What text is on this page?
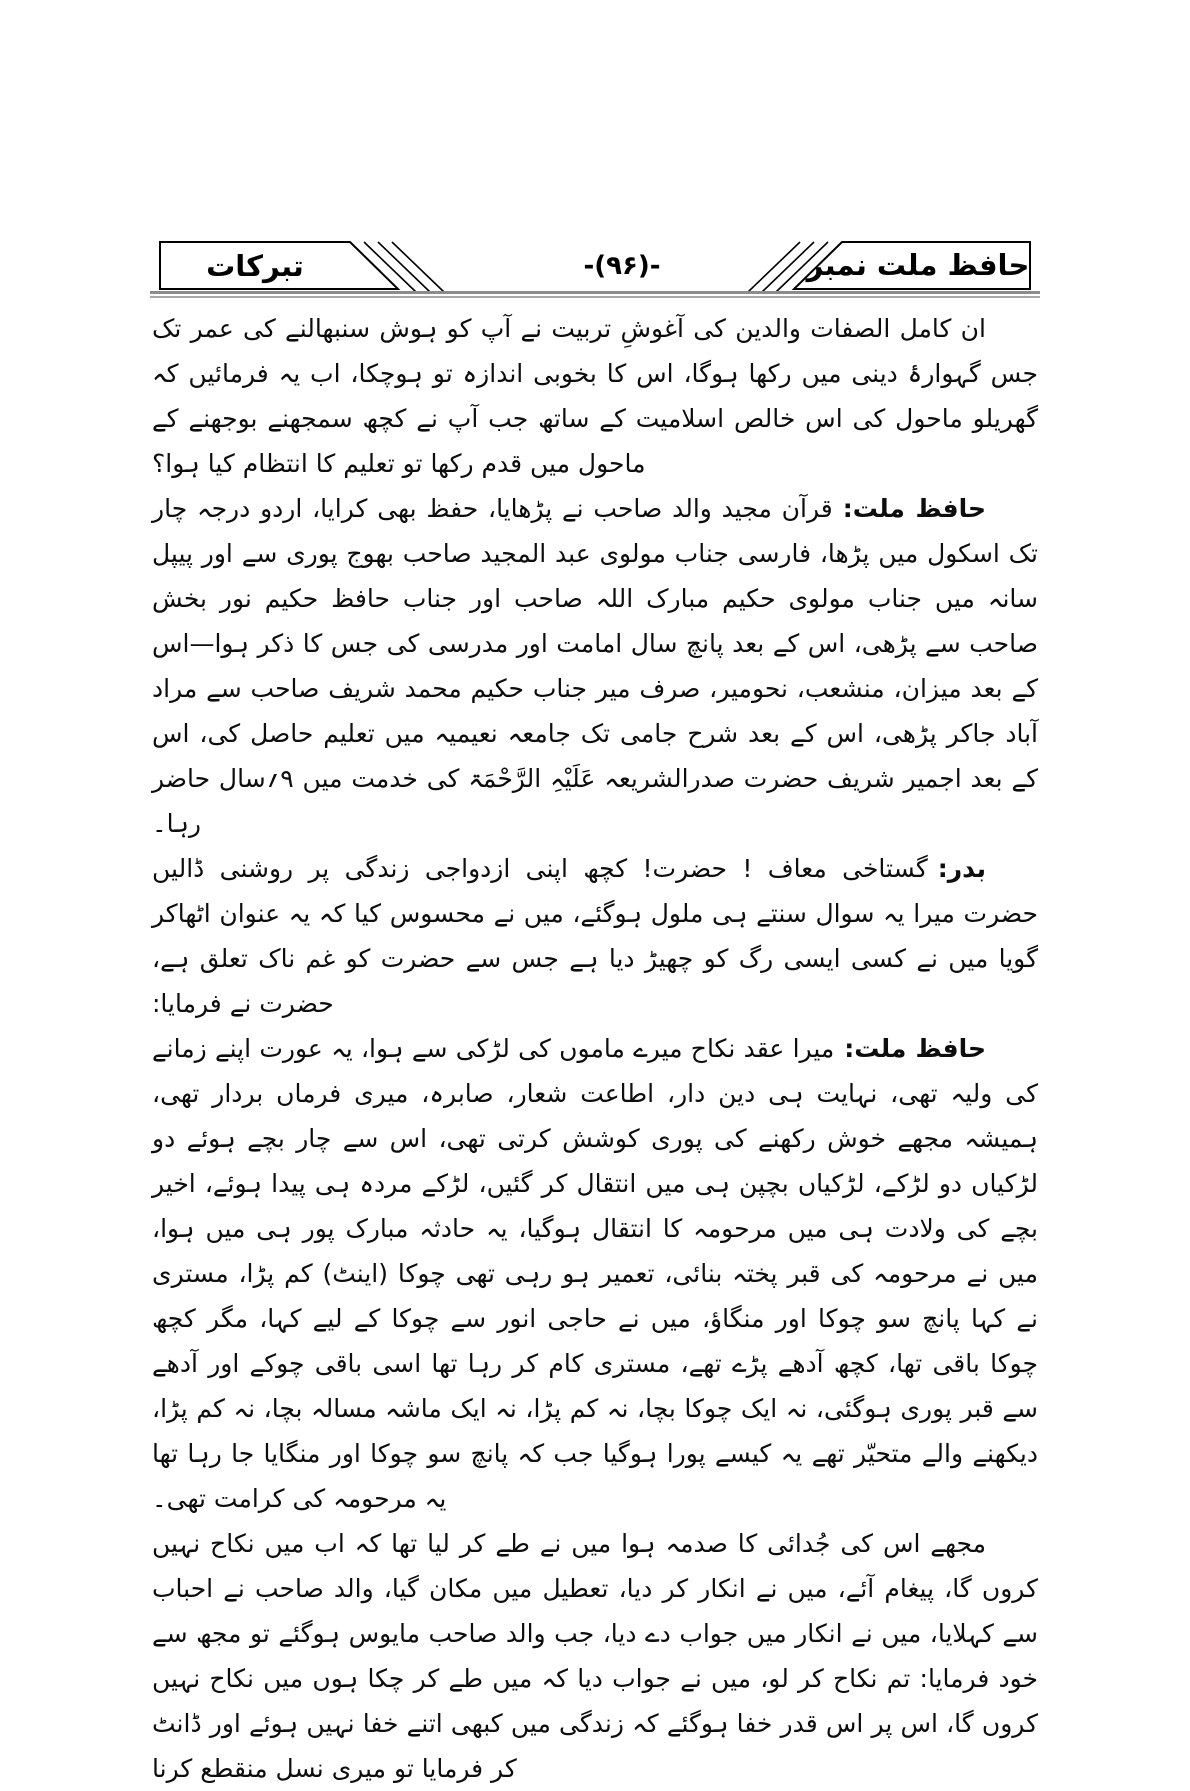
تبرکات	-(۹۶)-	حافظ ملت نمبر

ان کامل الصفات والدین کی آغوشِ تربیت نے آپ کو ہوش سنبھالنے کی عمر تک جس گہوارۂ دینی میں رکھا ہوگا، اس کا بخوبی اندازہ تو ہوچکا، اب یہ فرمائیں کہ گھریلو ماحول کی اس خالص اسلامیت کے ساتھ جب آپ نے کچھ سمجھنے بوجھنے کے ماحول میں قدم رکھا تو تعلیم کا انتظام کیا ہوا؟

حافظ ملت:قرآن مجید والد صاحب نے پڑھایا، حفظ بھی کرایا، اردو درجہ چار تک اسکول میں پڑھا، فارسی جناب مولوی عبد المجید صاحب بھوج پوری سے اور پیپل سانہ میں جناب مولوی حکیم مبارک اللہ صاحب اور جناب حافظ حکیم نور بخش صاحب سے پڑھی، اس کے بعد پانچ سال امامت اور مدرسی کی جس کا ذکر ہوا—اس کے بعد میزان، منشعب، نحومیر، صرف میر جناب حکیم محمد شریف صاحب سے مراد آباد جاکر پڑھی، اس کے بعد شرح جامی تک جامعہ نعیمیہ میں تعلیم حاصل کی، اس کے بعد اجمیر شریف حضرت صدرالشریعہ عَلَیْہِ الرَّحْمَۃ کی خدمت میں ۹؍سال حاضر رہا۔

بدر:گستاخی معاف ! حضرت! کچھ اپنی ازدواجی زندگی پر روشنی ڈالیں حضرت میرا یہ سوال سنتے ہی ملول ہوگئے، میں نے محسوس کیا کہ یہ عنوان اٹھاکر گویا میں نے کسی ایسی رگ کو چھیڑ دیا ہے جس سے حضرت کو غم ناک تعلق ہے، حضرت نے فرمایا:

حافظ ملت:میرا عقد نکاح میرے ماموں کی لڑکی سے ہوا، یہ عورت اپنے زمانے کی ولیہ تھی، نہایت ہی دین دار، اطاعت شعار، صابرہ، میری فرماں بردار تھی، ہمیشہ مجھے خوش رکھنے کی پوری کوشش کرتی تھی، اس سے چار بچے ہوئے دو لڑکیاں دو لڑکے، لڑکیاں بچپن ہی میں انتقال کر گئیں، لڑکے مردہ ہی پیدا ہوئے، اخیر بچے کی ولادت ہی میں مرحومہ کا انتقال ہوگیا، یہ حادثہ مبارک پور ہی میں ہوا، میں نے مرحومہ کی قبر پختہ بنائی، تعمیر ہو رہی تھی چوکا (اینٹ) کم پڑا، مستری نے کہا پانچ سو چوکا اور منگاؤ، میں نے حاجی انور سے چوکا کے لیے کہا، مگر کچھ چوکا باقی تھا، کچھ آدھے پڑے تھے، مستری کام کر رہا تھا اسی باقی چوکے اور آدھے سے قبر پوری ہوگئی، نہ ایک چوکا بچا، نہ کم پڑا، نہ ایک ماشہ مسالہ بچا، نہ کم پڑا، دیکھنے والے متحیّر تھے یہ کیسے پورا ہوگیا جب کہ پانچ سو چوکا اور منگایا جا رہا تھا یہ مرحومہ کی کرامت تھی۔

مجھے اس کی جُدائی کا صدمہ ہوا میں نے طے کر لیا تھا کہ اب میں نکاح نہیں کروں گا، پیغام آئے، میں نے انکار کر دیا، تعطیل میں مکان گیا، والد صاحب نے احباب سے کہلایا، میں نے انکار میں جواب دے دیا، جب والد صاحب مایوس ہوگئے تو مجھ سے خود فرمایا: تم نکاح کر لو، میں نے جواب دیا کہ میں طے کر چکا ہوں میں نکاح نہیں کروں گا، اس پر اس قدر خفا ہوگئے کہ زندگی میں کبھی اتنے خفا نہیں ہوئے اور ڈانٹ کر فرمایا تو میری نسل منقطع کرنا
